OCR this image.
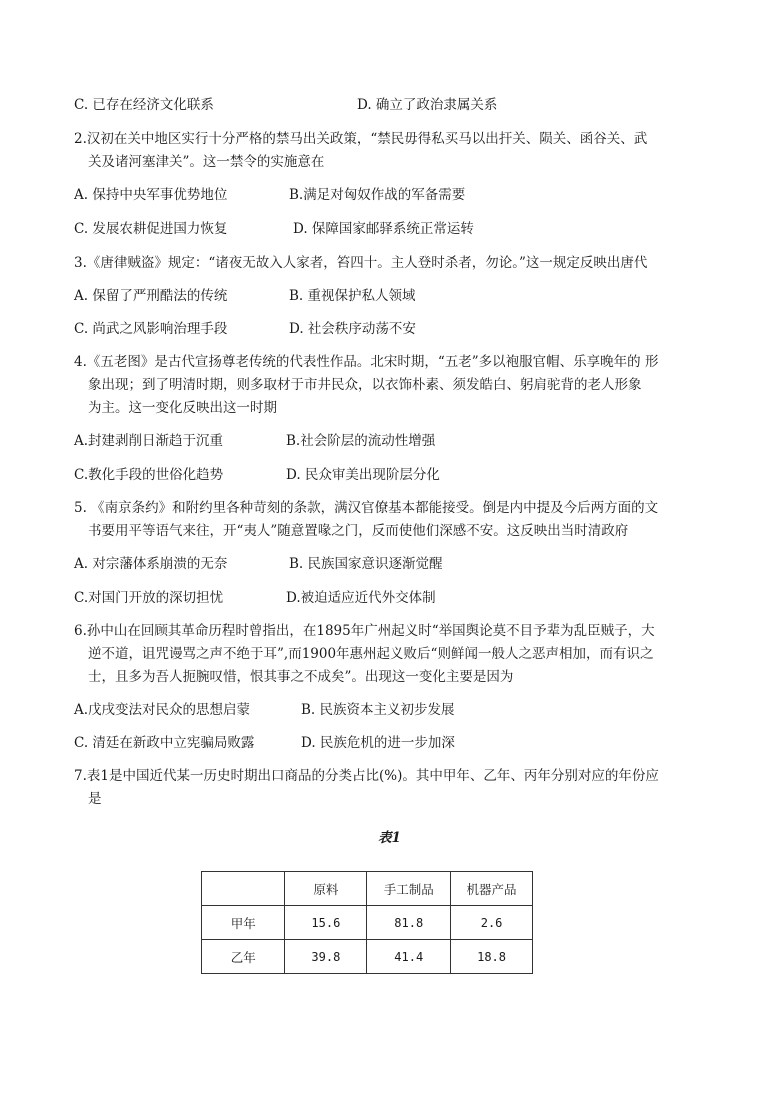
C. 已存在经济文化联系	D. 确立了政治隶属关系
2.汉初在关中地区实行十分严格的禁马出关政策，“禁民毋得私买马以出扞关、陨关、函谷关、武
关及诸河塞津关”。这一禁令的实施意在
A. 保持中央军事优势地位	B.满足对匈奴作战的军备需要
C. 发展农耕促进国力恢复	D. 保障国家邮驿系统正常运转
3.《唐律贼盗》规定：“诸夜无故入人家者，笞四十。主人登时杀者，勿论。”这一规定反映出唐代
A. 保留了严刑酷法的传统	B. 重视保护私人领域
C. 尚武之风影响治理手段	D. 社会秩序动荡不安
4.《五老图》是古代宣扬尊老传统的代表性作品。北宋时期，“五老”多以袍服官帽、乐享晚年的 形
象出现；到了明清时期，则多取材于市井民众，以衣饰朴素、须发皓白、躬肩驼背的老人形象
为主。这一变化反映出这一时期
A.封建剥削日渐趋于沉重	B.社会阶层的流动性增强
C.教化手段的世俗化趋势	D. 民众审美出现阶层分化
5. 《南京条约》和附约里各种苛刻的条款，满汉官僚基本都能接受。倒是内中提及今后两方面的文
书要用平等语气来往，开“夷人”随意置喙之门，反而使他们深感不安。这反映出当时清政府
A. 对宗藩体系崩溃的无奈	B. 民族国家意识逐渐觉醒
C.对国门开放的深切担忧	D.被迫适应近代外交体制
6.孙中山在回顾其革命历程时曾指出，在1895年广州起义时“举国舆论莫不目予辈为乱臣贼子，大
逆不道，诅咒谩骂之声不绝于耳”,而1900年惠州起义败后“则鲜闻一般人之恶声相加，而有识之
士，且多为吾人扼腕叹惜，恨其事之不成矣”。出现这一变化主要是因为
A.戊戌变法对民众的思想启蒙	B. 民族资本主义初步发展
C. 清廷在新政中立宪骗局败露	D. 民族危机的进一步加深
7.表1是中国近代某一历史时期出口商品的分类占比(%)。其中甲年、乙年、丙年分别对应的年份应
是
表1
	原料	手工制品	机器产品
甲年	15.6	81.8	2.6
乙年	39.8	41.4	18.8
